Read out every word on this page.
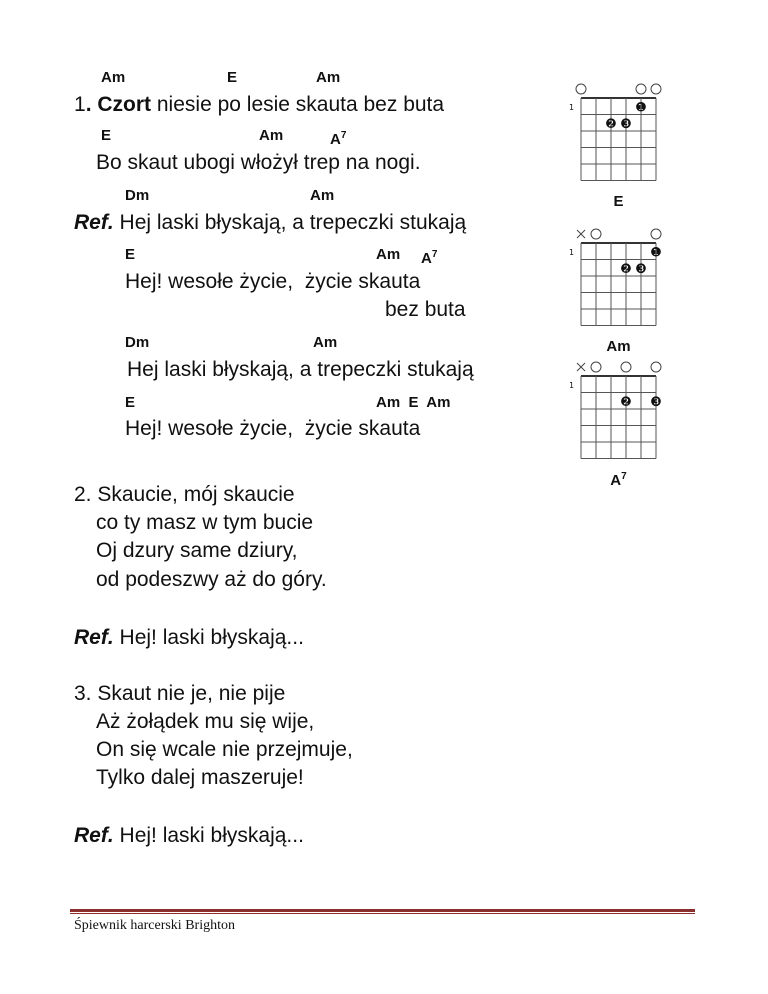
Am	E	Am
1. Czort niesie po lesie skauta bez buta
E	Am	$A^7$
Bo skaut ubogi włożył trep na nogi.
Dm	Am
Ref. Hej laski błyskają, a trepeczki stukają
E	Am $A^7$
Hej! wesołe życie,  życie skauta
bez buta
Dm	Am
Hej laski błyskają, a trepeczki stukają
E	Am  E  Am
Hej! wesołe życie,  życie skauta
2. Skaucie, mój skaucie
co ty masz w tym bucie
Oj dzury same dziury,
od podeszwy aż do góry.
Ref. Hej! laski błyskają...
3. Skaut nie je, nie pije
Aż żołądek mu się wije,
On się wcale nie przejmuje,
Tylko dalej maszeruje!
Ref. Hej! laski błyskają...
1	❶
❷ ❸
E
1	❶
❷ ❸
Am
1
❷ ❸
$A^7$
Śpiewnik harcerski Brighton
